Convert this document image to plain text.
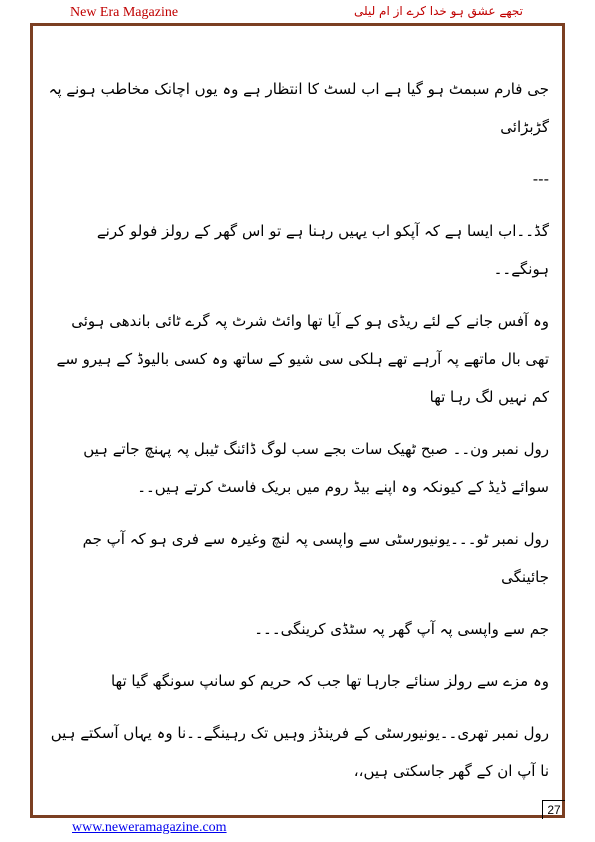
New Era Magazine	تجھے عشق ہو خدا کرے از ام لیلی

جی فارم سبمٹ ہو گیا ہے اب لسٹ کا انتظار ہے وہ یوں اچانک مخاطب ہونے پہ گڑبڑائی

---

گڈ۔۔اب ایسا ہے کہ آپکو اب یہیں رہنا ہے تو اس گھر کے رولز فولو کرنے ہونگے۔۔

وہ آفس جانے کے لئے ریڈی ہو کے آیا تھا وائٹ شرٹ پہ گرے ٹائی باندھی ہوئی تھی بال ماتھے پہ آرہے تھے ہلکی سی شیو کے ساتھ وہ کسی بالیوڈ کے ہیرو سے کم نہیں لگ رہا تھا

رول نمبر ون۔۔ صبح ٹھیک سات بجے سب لوگ ڈائنگ ٹیبل پہ پہنچ جاتے ہیں سوائے ڈیڈ کے کیونکہ وہ اپنے بیڈ روم میں بریک فاسٹ کرتے ہیں۔۔

رول نمبر ٹو۔۔۔یونیورسٹی سے واپسی پہ لنچ وغیرہ سے فری ہو کہ آپ جم جائینگی

جم سے واپسی پہ آپ گھر پہ سٹڈی کرینگی۔۔۔

وہ مزے سے رولز سنائے جارہا تھا جب کہ حریم کو سانپ سونگھ گیا تھا

رول نمبر تھری۔۔یونیورسٹی کے فرینڈز وہیں تک رہینگے۔۔نا وہ یہاں آسکتے ہیں نا آپ ان کے گھر جاسکتی ہیں،،

27
www.neweramagazine.com
